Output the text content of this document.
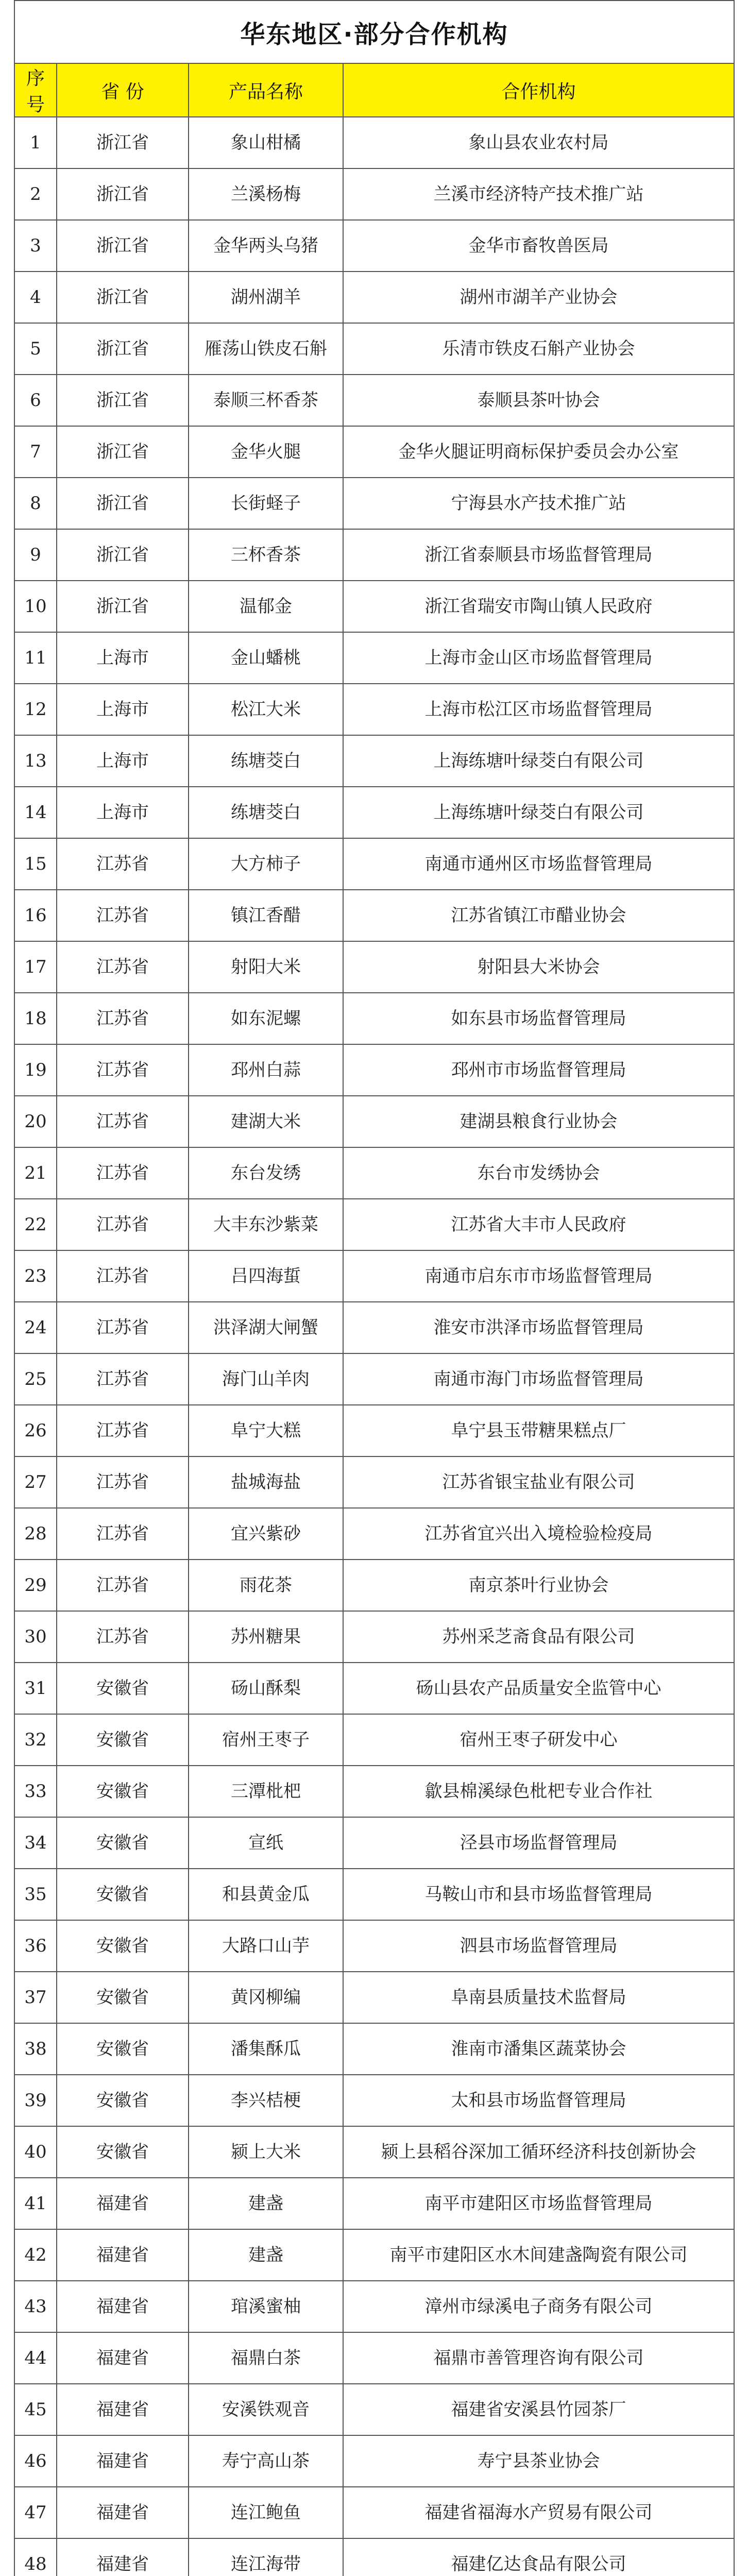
华东地区·部分合作机构			
序号	省 份	产品名称	合作机构
1	浙江省	象山柑橘	象山县农业农村局
2	浙江省	兰溪杨梅	兰溪市经济特产技术推广站
3	浙江省	金华两头乌猪	金华市畜牧兽医局
4	浙江省	湖州湖羊	湖州市湖羊产业协会
5	浙江省	雁荡山铁皮石斛	乐清市铁皮石斛产业协会
6	浙江省	泰顺三杯香茶	泰顺县茶叶协会
7	浙江省	金华火腿	金华火腿证明商标保护委员会办公室
8	浙江省	长街蛏子	宁海县水产技术推广站
9	浙江省	三杯香茶	浙江省泰顺县市场监督管理局
10	浙江省	温郁金	浙江省瑞安市陶山镇人民政府
11	上海市	金山蟠桃	上海市金山区市场监督管理局
12	上海市	松江大米	上海市松江区市场监督管理局
13	上海市	练塘茭白	上海练塘叶绿茭白有限公司
14	上海市	练塘茭白	上海练塘叶绿茭白有限公司
15	江苏省	大方柿子	南通市通州区市场监督管理局
16	江苏省	镇江香醋	江苏省镇江市醋业协会
17	江苏省	射阳大米	射阳县大米协会
18	江苏省	如东泥螺	如东县市场监督管理局
19	江苏省	邳州白蒜	邳州市市场监督管理局
20	江苏省	建湖大米	建湖县粮食行业协会
21	江苏省	东台发绣	东台市发绣协会
22	江苏省	大丰东沙紫菜	江苏省大丰市人民政府
23	江苏省	吕四海蜇	南通市启东市市场监督管理局
24	江苏省	洪泽湖大闸蟹	淮安市洪泽市场监督管理局
25	江苏省	海门山羊肉	南通市海门市场监督管理局
26	江苏省	阜宁大糕	阜宁县玉带糖果糕点厂
27	江苏省	盐城海盐	江苏省银宝盐业有限公司
28	江苏省	宜兴紫砂	江苏省宜兴出入境检验检疫局
29	江苏省	雨花茶	南京茶叶行业协会
30	江苏省	苏州糖果	苏州采芝斋食品有限公司
31	安徽省	砀山酥梨	砀山县农产品质量安全监管中心
32	安徽省	宿州王枣子	宿州王枣子研发中心
33	安徽省	三潭枇杷	歙县棉溪绿色枇杷专业合作社
34	安徽省	宣纸	泾县市场监督管理局
35	安徽省	和县黄金瓜	马鞍山市和县市场监督管理局
36	安徽省	大路口山芋	泗县市场监督管理局
37	安徽省	黄冈柳编	阜南县质量技术监督局
38	安徽省	潘集酥瓜	淮南市潘集区蔬菜协会
39	安徽省	李兴桔梗	太和县市场监督管理局
40	安徽省	颍上大米	颍上县稻谷深加工循环经济科技创新协会
41	福建省	建盏	南平市建阳区市场监督管理局
42	福建省	建盏	南平市建阳区水木间建盏陶瓷有限公司
43	福建省	琯溪蜜柚	漳州市绿溪电子商务有限公司
44	福建省	福鼎白茶	福鼎市善管理咨询有限公司
45	福建省	安溪铁观音	福建省安溪县竹园茶厂
46	福建省	寿宁高山茶	寿宁县茶业协会
47	福建省	连江鲍鱼	福建省福海水产贸易有限公司
48	福建省	连江海带	福建亿达食品有限公司
